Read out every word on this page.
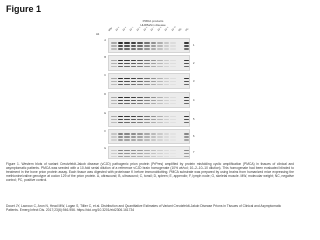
Figure 1
PMDA products
HLRBaSm disease
MW 10⁻² 10⁻³ 10⁻⁴ 10⁻⁵ 10⁻⁶ 10⁻⁷ 10⁻⁸ 10⁻⁹ 10⁻¹⁰ NC PC
Ab
A
1
B
2
C
3
D
4
E
5
F
6
G
7
Figure 1. Western blots of variant Creutzfeldt-Jakob disease (vCJD) pathogenic prion protein (PrPres) amplified by protein misfolding cyclic amplification (PMCA) in tissues of clinical and asymptomatic patients. PMCA was seeded with a 10-fold serial dilution of a reference vCJD brain homogenate (10% wt/vol; 10–2–10–10 dilution). This homogenate had been evaluated blinded to treatment in the bone prion protein assay. Each tissue was digested with proteinase K before immunoblotting. PMCA substrate was prepared by using brains from humanized mice expressing the methionine/valine genotype at codon 129 of the prion protein. A, ultrasound; B, ultrasound; C, tonsil; D, spleen; E, appendix; F, lymph node; G, skeletal muscle. MW, molecular weight; NC, negative control; PC, positive control.
Douet JY, Lacroux C, Aron N, Head MW, Lugan S, Tillier C, et al. Distribution and Quantitative Estimates of Variant Creutzfeldt-Jakob Disease Prions in Tissues of Clinical and Asymptomatic Patients. Emerg Infect Dis. 2017;23(6):946-956. https://doi.org/10.3201/eid2306.161734
